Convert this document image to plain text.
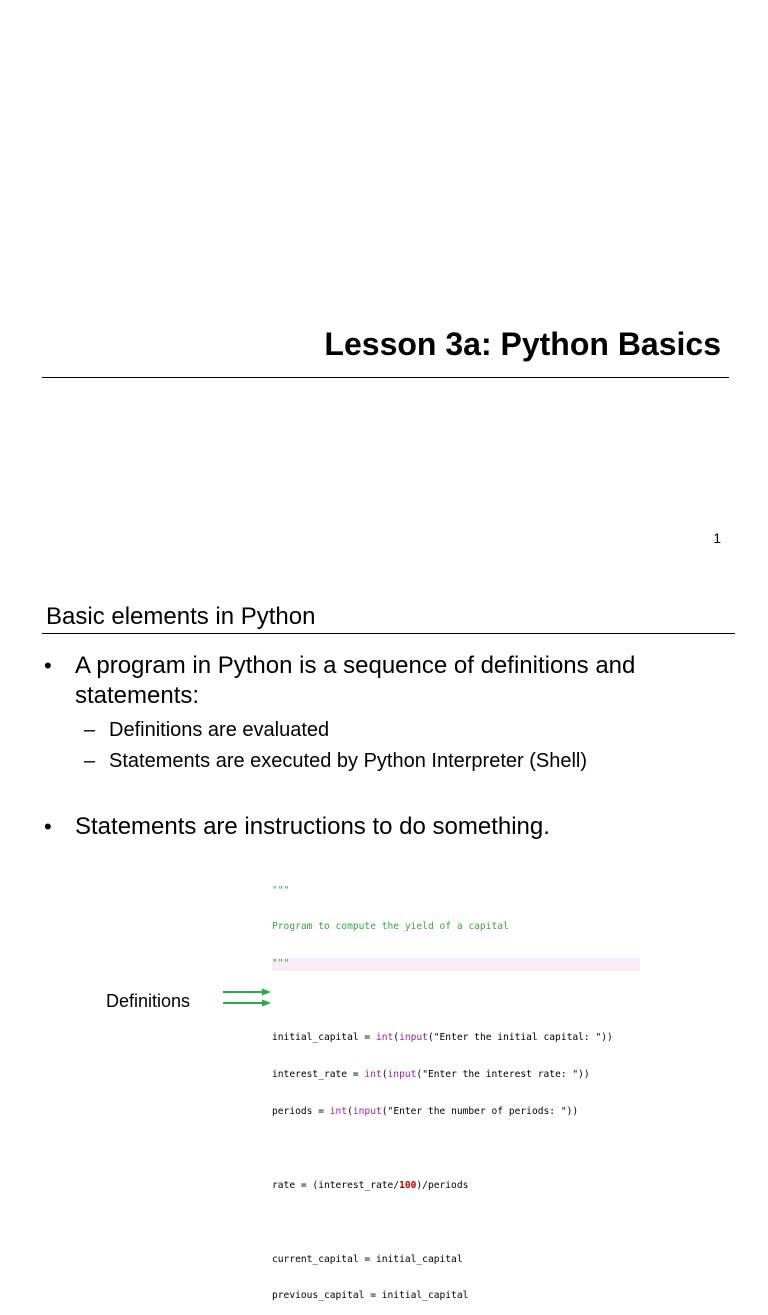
Lesson 3a: Python Basics
1
Basic elements in Python
• A program in Python is a sequence of definitions and statements:
– Definitions are evaluated
– Statements are executed by Python Interpreter (Shell)
• Statements are instructions to do something.

"""

Program to compute the yield of a capital

"""

initial_capital = int(input("Enter the initial capital: "))

interest_rate = int(input("Enter the interest rate: "))

periods = int(input("Enter the number of periods: "))

rate = (interest_rate/100)/periods

current_capital = initial_capital

previous_capital = initial_capital

Definitions
